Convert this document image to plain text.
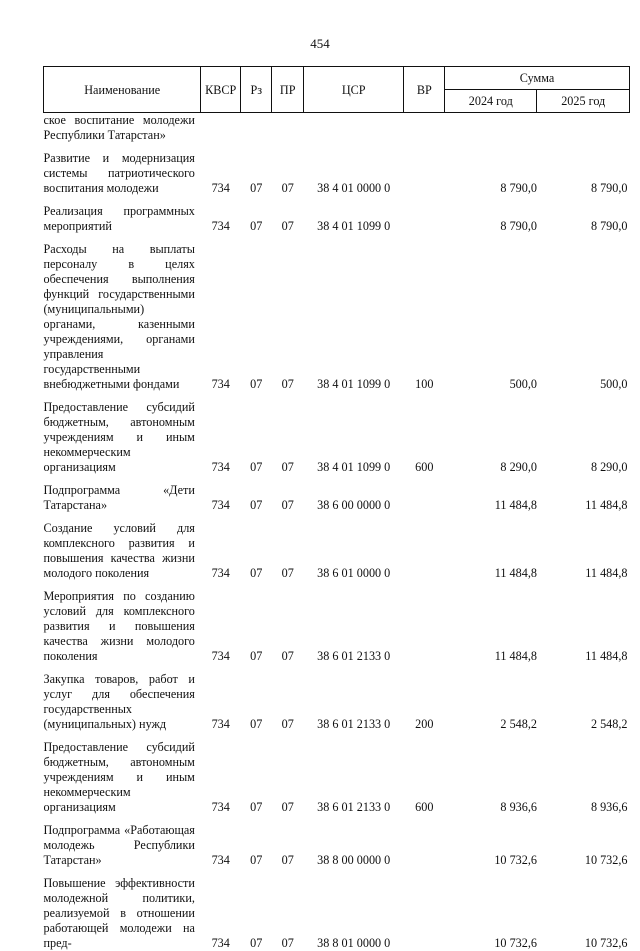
454
Наименование	КВСР	Рз	ПР	ЦСР	ВР	Сумма	
						2024 год	2025 год
ское воспитание молодежи Республики Татарстан»							
Развитие и модернизация системы патриотического воспитания молодежи	734	07	07	38 4 01 0000 0		8 790,0	8 790,0
Реализация программных мероприятий	734	07	07	38 4 01 1099 0		8 790,0	8 790,0
Расходы на выплаты персоналу в целях обеспечения выполнения функций государственными (муниципальными) органами, казенными учреждениями, органами управления государственными внебюджетными фондами	734	07	07	38 4 01 1099 0	100	500,0	500,0
Предоставление субсидий бюджетным, автономным учреждениям и иным некоммерческим организациям	734	07	07	38 4 01 1099 0	600	8 290,0	8 290,0
Подпрограмма «Дети Татарстана»	734	07	07	38 6 00 0000 0		11 484,8	11 484,8
Создание условий для комплексного развития и повышения качества жизни молодого поколения	734	07	07	38 6 01 0000 0		11 484,8	11 484,8
Мероприятия по созданию условий для комплексного развития и повышения качества жизни молодого поколения	734	07	07	38 6 01 2133 0		11 484,8	11 484,8
Закупка товаров, работ и услуг для обеспечения государственных (муниципальных) нужд	734	07	07	38 6 01 2133 0	200	2 548,2	2 548,2
Предоставление субсидий бюджетным, автономным учреждениям и иным некоммерческим организациям	734	07	07	38 6 01 2133 0	600	8 936,6	8 936,6
Подпрограмма «Работающая молодежь Республики Татарстан»	734	07	07	38 8 00 0000 0		10 732,6	10 732,6
Повышение эффективности молодежной политики, реализуемой в отношении работающей молодежи на пред-	734	07	07	38 8 01 0000 0		10 732,6	10 732,6
